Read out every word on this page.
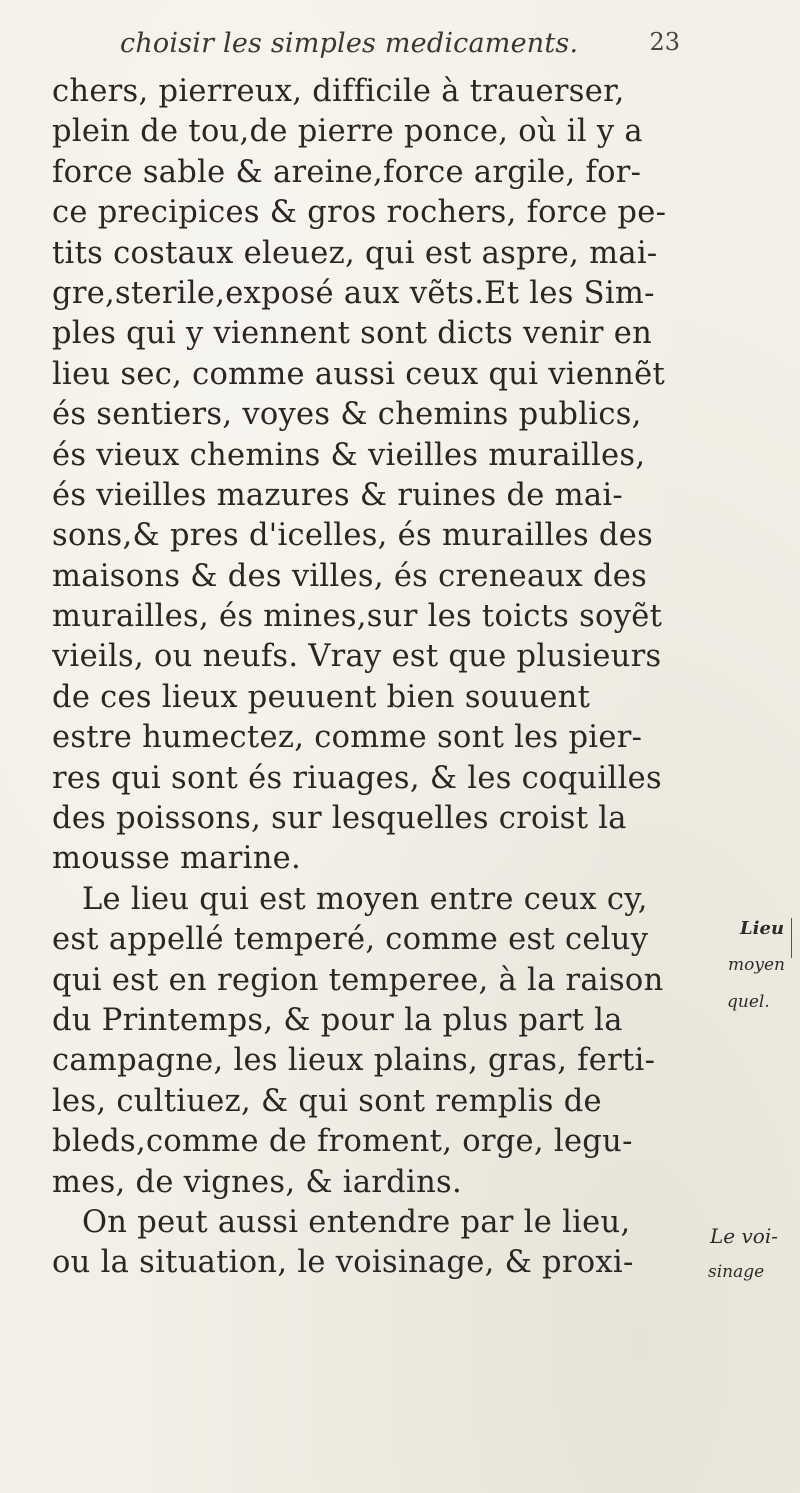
choisir les simples medicaments.	23
chers, pierreux, difficile à trauerser,
plein de tou,de pierre ponce, où il y a
force sable & areine,force argile, for-
ce precipices & gros rochers, force pe-
tits costaux eleuez, qui est aspre, mai-
gre,sterile,exposé aux vẽts.Et les Sim-
ples qui y viennent sont dicts venir en
lieu sec, comme aussi ceux qui viennẽt
és sentiers, voyes & chemins publics,
és vieux chemins & vieilles murailles,
és vieilles mazures & ruines de mai-
sons,& pres d'icelles, és murailles des
maisons & des villes, és creneaux des
murailles, és mines,sur les toicts soyẽt
vieils, ou neufs. Vray est que plusieurs
de ces lieux peuuent bien souuent
estre humectez, comme sont les pier-
res qui sont és riuages, & les coquilles
des poissons, sur lesquelles croist la
mousse marine.
Le lieu qui est moyen entre ceux cy,
est appellé temperé, comme est celuy
qui est en region temperee, à la raison
du Printemps, & pour la plus part la
campagne, les lieux plains, gras, ferti-
les, cultiuez, & qui sont remplis de
bleds,comme de froment, orge, legu-
mes, de vignes, & iardins.
On peut aussi entendre par le lieu,
ou la situation, le voisinage, & proxi-
Lieu
moyen
quel.
Le voi-
sinage
